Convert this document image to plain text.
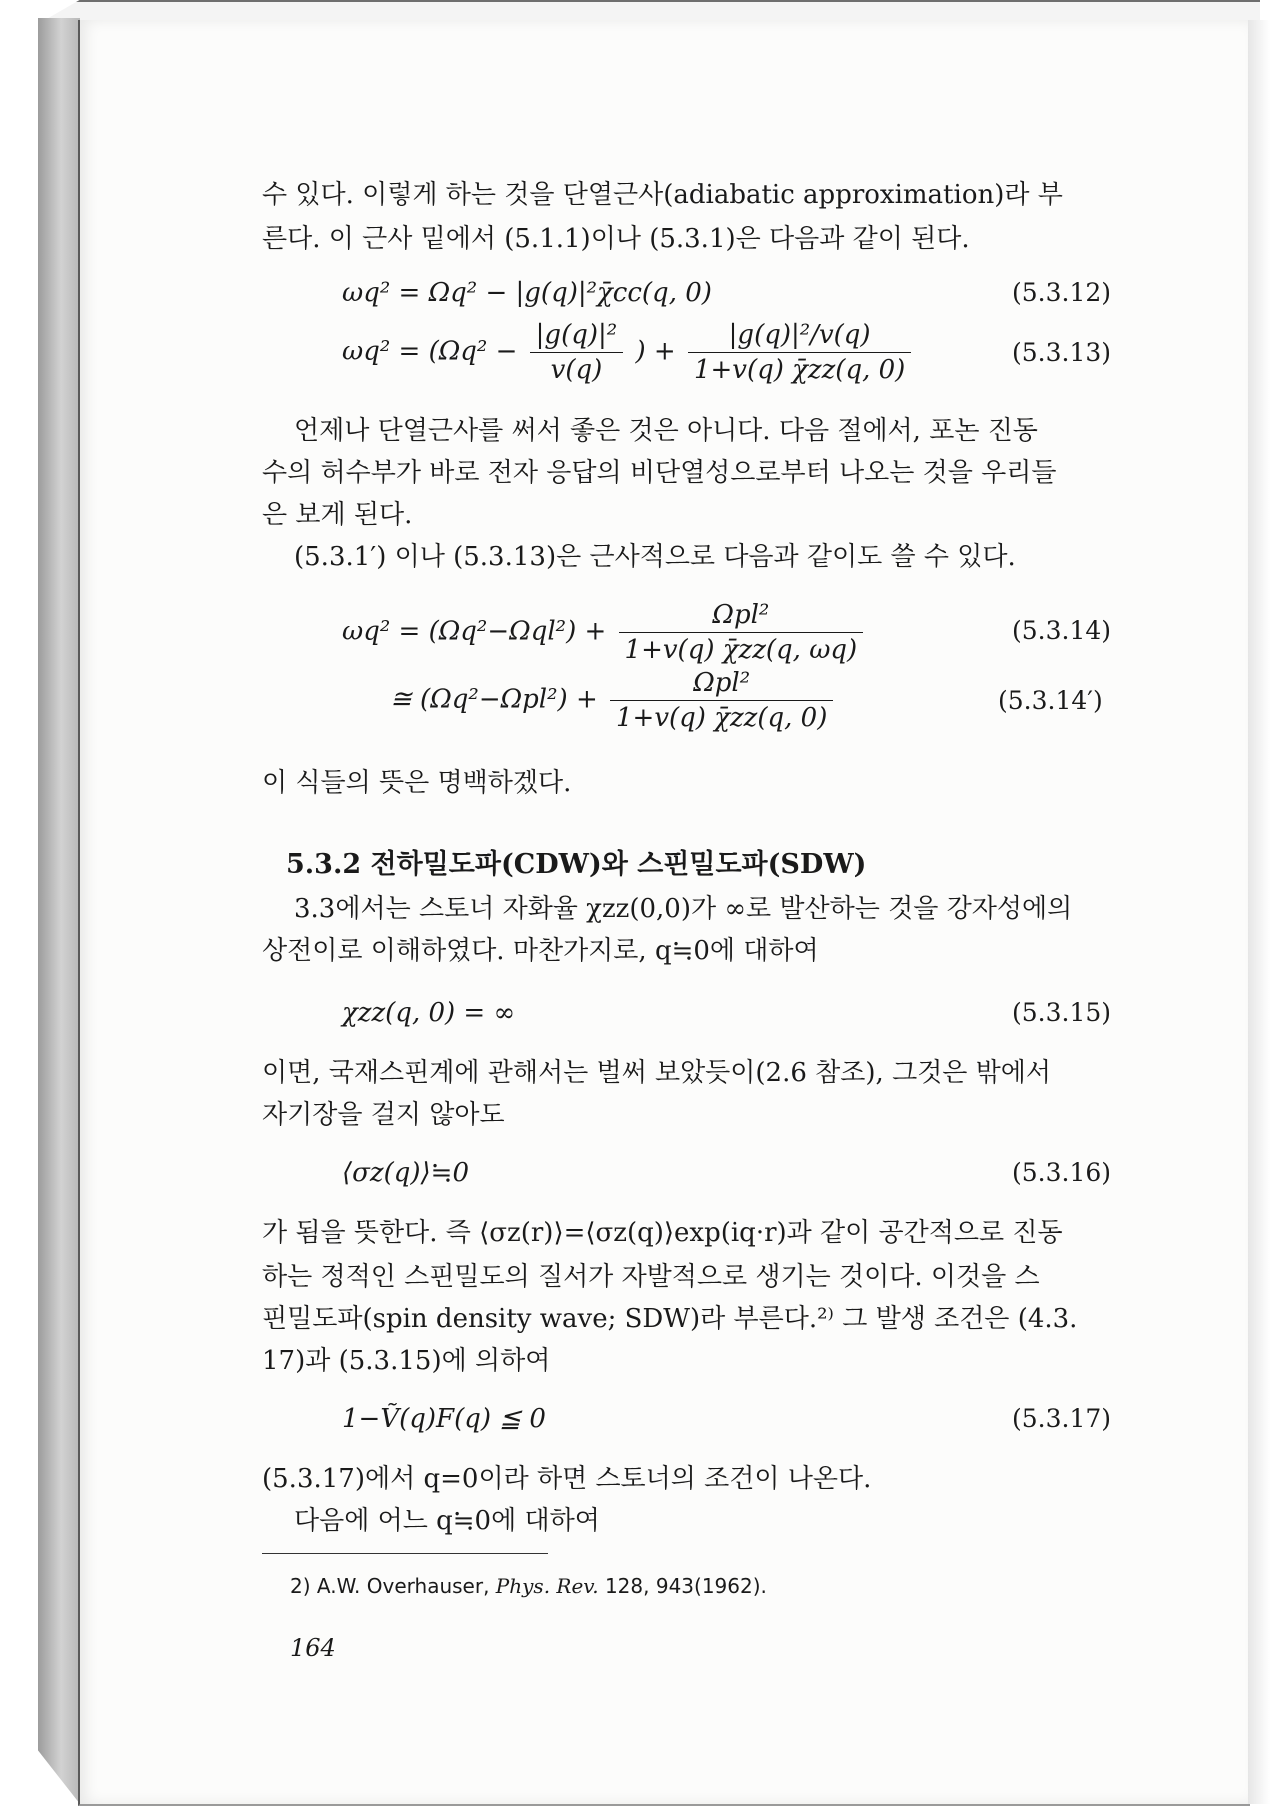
수 있다. 이렇게 하는 것을 단열근사(adiabatic approximation)라 부
른다. 이 근사 밑에서 (5.1.1)이나 (5.3.1)은 다음과 같이 된다.
ωq² = Ωq² − |g(q)|²χ̄cc(q, 0)	(5.3.12)
$\omega q^2 = (\Omega q^2 - \frac{\text{|g(q)|²}}{v(q)}$ ) + $\frac{\text{|g(q)|²/v(q)}}{1+v(q) \chīzz(q, 0)}$	(5.3.13)
언제나 단열근사를 써서 좋은 것은 아니다. 다음 절에서, 포논 진동
수의 허수부가 바로 전자 응답의 비단열성으로부터 나오는 것을 우리들
은 보게 된다.
(5.3.1′) 이나 (5.3.13)은 근사적으로 다음과 같이도 쓸 수 있다.
$\omega q^2 = (\Omega q^2-\Omega ql^2) + \frac{\text{Ωpl²}}{1+v(q) \chīzz(q, \omega q)}$	(5.3.14)
≅ $(\Omega q^2-\Omega pl^2) + \frac{\text{Ωpl²}}{1+v(q) \chīzz(q, 0)}$	(5.3.14′)
이 식들의 뜻은 명백하겠다.
5.3.2 전하밀도파(CDW)와 스핀밀도파(SDW)
3.3에서는 스토너 자화율 χzz(0,0)가 ∞로 발산하는 것을 강자성에의
상전이로 이해하였다. 마찬가지로, q≒0에 대하여
χzz(q, 0) = ∞	(5.3.15)
이면, 국재스핀계에 관해서는 벌써 보았듯이(2.6 참조), 그것은 밖에서
자기장을 걸지 않아도
⟨σz(q)⟩≒0	(5.3.16)
가 됨을 뜻한다. 즉 ⟨σz(r)⟩=⟨σz(q)⟩exp(iq·r)과 같이 공간적으로 진동
하는 정적인 스핀밀도의 질서가 자발적으로 생기는 것이다. 이것을 스
핀밀도파(spin density wave; SDW)라 부른다.²⁾ 그 발생 조건은 (4.3.
17)과 (5.3.15)에 의하여
1−Ṽ(q)F(q) ≦ 0	(5.3.17)
(5.3.17)에서 q=0이라 하면 스토너의 조건이 나온다.
다음에 어느 q≒0에 대하여
2) A.W. Overhauser, Phys. Rev. 128, 943(1962).
164
